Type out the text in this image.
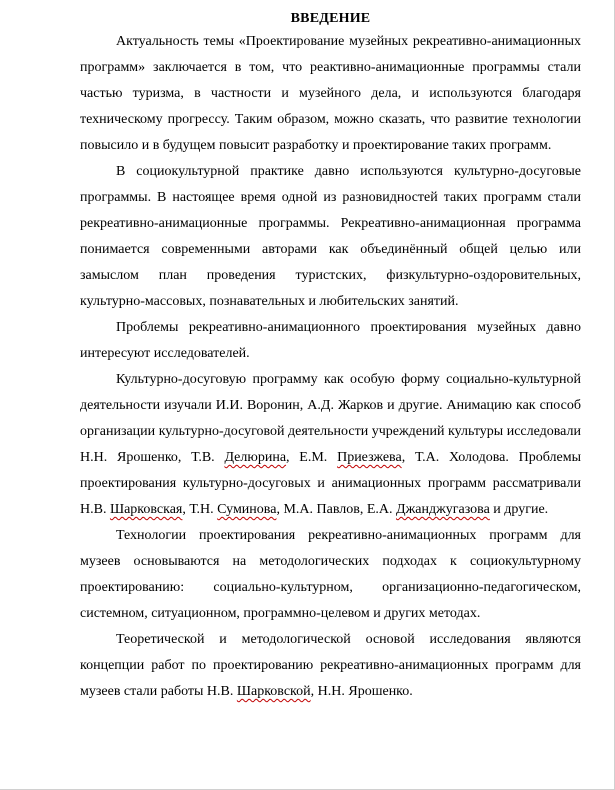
ВВЕДЕНИЕ

Актуальность темы «Проектирование музейных рекреативно-анимационных программ» заключается в том, что реактивно-анимационные программы стали частью туризма, в частности и музейного дела, и используются благодаря техническому прогрессу. Таким образом, можно сказать, что развитие технологии повысило и в будущем повысит разработку и проектирование таких программ.

В социокультурной практике давно используются культурно-досуговые программы. В настоящее время одной из разновидностей таких программ стали рекреативно-анимационные программы. Рекреативно-анимационная программа понимается современными авторами как объединённый общей целью или замыслом план проведения туристских, физкультурно-оздоровительных, культурно-массовых, познавательных и любительских занятий.

Проблемы рекреативно-анимационного проектирования музейных давно интересуют исследователей.

Культурно-досуговую программу как особую форму социально-культурной деятельности изучали И.И. Воронин, А.Д. Жарков и другие. Анимацию как способ организации культурно-досуговой деятельности учреждений культуры исследовали Н.Н. Ярошенко, Т.В. Делюрина, Е.М. Приезжева, Т.А. Холодова. Проблемы проектирования культурно-досуговых и анимационных программ рассматривали Н.В. Шарковская, Т.Н. Суминова, М.А. Павлов, Е.А. Джанджугазова и другие.

Технологии проектирования рекреативно-анимационных программ для музеев основываются на методологических подходах к социокультурному проектированию: социально-культурном, организационно-педагогическом, системном, ситуационном, программно-целевом и других методах.

Теоретической и методологической основой исследования являются концепции работ по проектированию рекреативно-анимационных программ для музеев стали работы Н.В. Шарковской, Н.Н. Ярошенко.
